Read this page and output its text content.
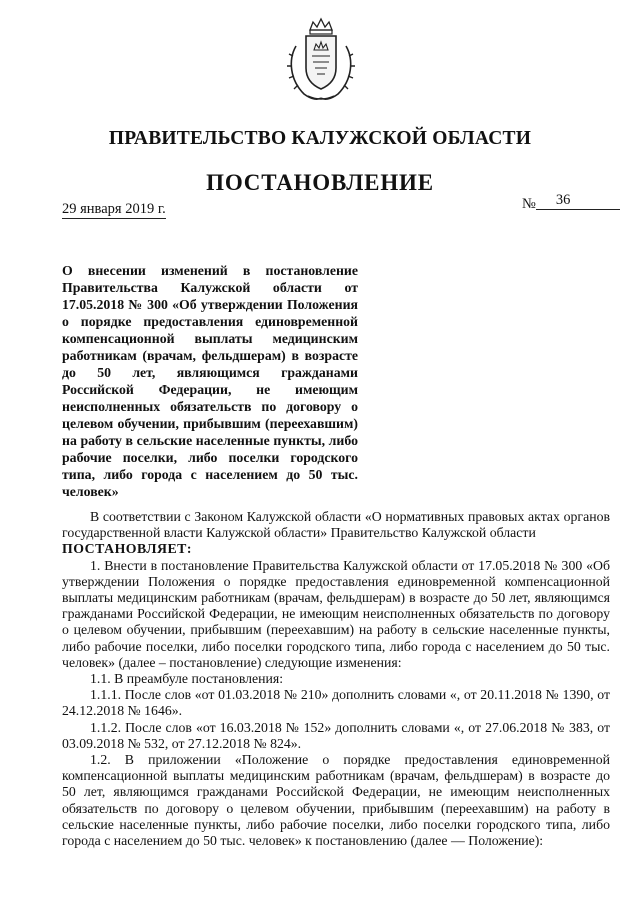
ПРАВИТЕЛЬСТВО КАЛУЖСКОЙ ОБЛАСТИ
ПОСТАНОВЛЕНИЕ
29 января 2019 г.	№ 36
О внесении изменений в постановление Правительства Калужской области от 17.05.2018 № 300 «Об утверждении Положения о порядке предоставления единовременной компенсационной выплаты медицинским работникам (врачам, фельдшерам) в возрасте до 50 лет, являющимся гражданами Российской Федерации, не имеющим неисполненных обязательств по договору о целевом обучении, прибывшим (переехавшим) на работу в сельские населенные пункты, либо рабочие поселки, либо поселки городского типа, либо города с населением до 50 тыс. человек»

В соответствии с Законом Калужской области «О нормативных правовых актах органов государственной власти Калужской области» Правительство Калужской области

ПОСТАНОВЛЯЕТ:

1. Внести в постановление Правительства Калужской области от 17.05.2018 № 300 «Об утверждении Положения о порядке предоставления единовременной компенсационной выплаты медицинским работникам (врачам, фельдшерам) в возрасте до 50 лет, являющимся гражданами Российской Федерации, не имеющим неисполненных обязательств по договору о целевом обучении, прибывшим (переехавшим) на работу в сельские населенные пункты, либо рабочие поселки, либо поселки городского типа, либо города с населением до 50 тыс. человек» (далее – постановление) следующие изменения:

1.1. В преамбуле постановления:

1.1.1. После слов «от 01.03.2018 № 210» дополнить словами «, от 20.11.2018 № 1390, от 24.12.2018 № 1646».

1.1.2. После слов «от 16.03.2018 № 152» дополнить словами «, от 27.06.2018 № 383, от 03.09.2018 № 532, от 27.12.2018 № 824».

1.2. В приложении «Положение о порядке предоставления единовременной компенсационной выплаты медицинским работникам (врачам, фельдшерам) в возрасте до 50 лет, являющимся гражданами Российской Федерации, не имеющим неисполненных обязательств по договору о целевом обучении, прибывшим (переехавшим) на работу в сельские населенные пункты, либо рабочие поселки, либо поселки городского типа, либо города с населением до 50 тыс. человек» к постановлению (далее — Положение):
